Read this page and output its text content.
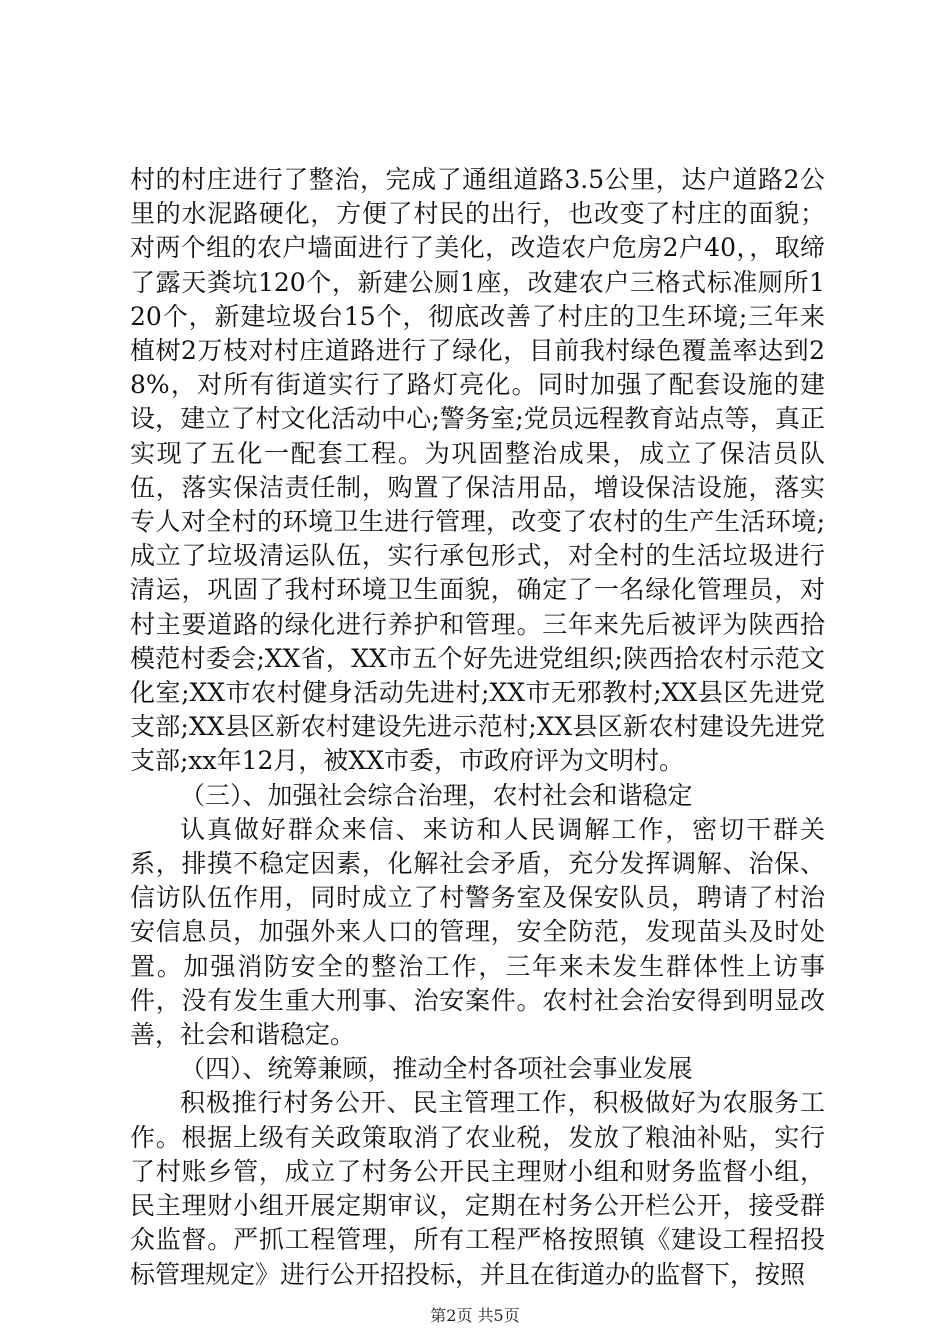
村的村庄进行了整治，完成了通组道路3.5公里，达户道路2公里的水泥路硬化，方便了村民的出行，也改变了村庄的面貌；对两个组的农户墙面进行了美化，改造农户危房2户40，，取缔了露天粪坑120个，新建公厕1座，改建农户三格式标准厕所120个，新建垃圾台15个，彻底改善了村庄的卫生环境;三年来植树2万枝对村庄道路进行了绿化，目前我村绿色覆盖率达到28%，对所有街道实行了路灯亮化。同时加强了配套设施的建设，建立了村文化活动中心;警务室;党员远程教育站点等，真正实现了五化一配套工程。为巩固整治成果，成立了保洁员队伍，落实保洁责任制，购置了保洁用品，增设保洁设施，落实专人对全村的环境卫生进行管理，改变了农村的生产生活环境;成立了垃圾清运队伍，实行承包形式，对全村的生活垃圾进行清运，巩固了我村环境卫生面貌，确定了一名绿化管理员，对村主要道路的绿化进行养护和管理。三年来先后被评为陕西拾模范村委会;XX省，XX市五个好先进党组织;陕西拾农村示范文化室;XX市农村健身活动先进村;XX市无邪教村;XX县区先进党支部;XX县区新农村建设先进示范村;XX县区新农村建设先进党支部;xx年12月，被XX市委，市政府评为文明村。

（三）、加强社会综合治理，农村社会和谐稳定

认真做好群众来信、来访和人民调解工作，密切干群关系，排摸不稳定因素，化解社会矛盾，充分发挥调解、治保、信访队伍作用，同时成立了村警务室及保安队员，聘请了村治安信息员，加强外来人口的管理，安全防范，发现苗头及时处置。加强消防安全的整治工作，三年来未发生群体性上访事件，没有发生重大刑事、治安案件。农村社会治安得到明显改善，社会和谐稳定。

（四）、统筹兼顾，推动全村各项社会事业发展

积极推行村务公开、民主管理工作，积极做好为农服务工作。根据上级有关政策取消了农业税，发放了粮油补贴，实行了村账乡管，成立了村务公开民主理财小组和财务监督小组，民主理财小组开展定期审议，定期在村务公开栏公开，接受群众监督。严抓工程管理，所有工程严格按照镇《建设工程招投标管理规定》进行公开招投标，并且在街道办的监督下，按照

第2页 共5页
